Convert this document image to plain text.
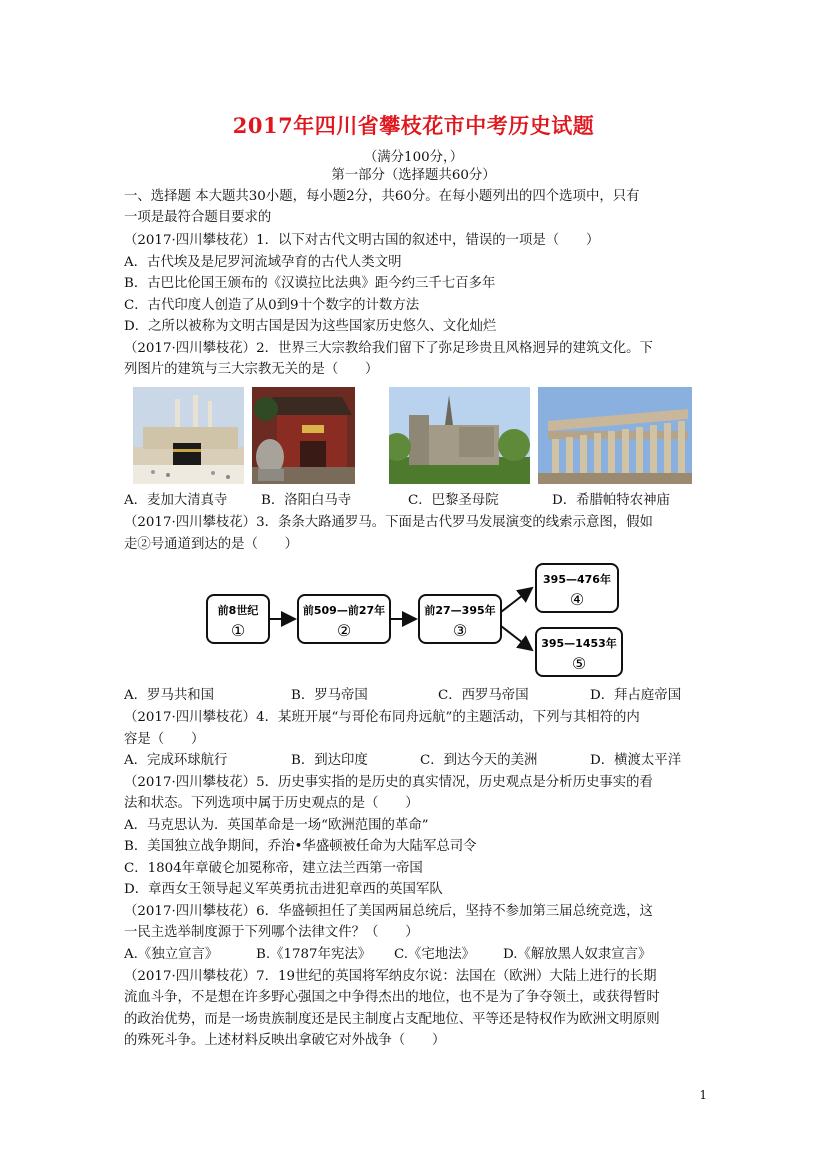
2017年四川省攀枝花市中考历史试题
（满分100分，）
第一部分（选择题共60分）
一、选择题 本大题共30小题，每小题2分，共60分。在每小题列出的四个选项中，只有
一项是最符合题目要求的
（2017·四川攀枝花）1．以下对古代文明古国的叙述中，错误的一项是（　　）
A．古代埃及是尼罗河流域孕育的古代人类文明
B．古巴比伦国王颁布的《汉谟拉比法典》距今约三千七百多年
C．古代印度人创造了从0到9十个数字的计数方法
D．之所以被称为文明古国是因为这些国家历史悠久、文化灿烂
（2017·四川攀枝花）2．世界三大宗教给我们留下了弥足珍贵且风格迥异的建筑文化。下
列图片的建筑与三大宗教无关的是（　　）
A．麦加大清真寺	B．洛阳白马寺	C．巴黎圣母院	D．希腊帕特农神庙
（2017·四川攀枝花）3．条条大路通罗马。下面是古代罗马发展演变的线索示意图，假如
走②号通道到达的是（　　）
前8世纪
①
前509—前27年
②
前27—395年
③
395—476年
④
395—1453年
⑤
A．罗马共和国	B．罗马帝国	C．西罗马帝国	D．拜占庭帝国
（2017·四川攀枝花）4．某班开展“与哥伦布同舟远航”的主题活动，下列与其相符的内
容是（　　）
A．完成环球航行	B．到达印度	C．到达今天的美洲	D．横渡太平洋
（2017·四川攀枝花）5．历史事实指的是历史的真实情况，历史观点是分析历史事实的看
法和状态。下列选项中属于历史观点的是（　　）
A．马克思认为．英国革命是一场“欧洲范围的革命”
B．美国独立战争期间，乔治•华盛顿被任命为大陆军总司令
C．1804年章破仑加冕称帝，建立法兰西第一帝国
D．章西女王领导起义军英勇抗击进犯章西的英国军队
（2017·四川攀枝花）6．华盛顿担任了美国两届总统后，坚持不参加第三届总统竞选，这
一民主选举制度源于下列哪个法律文件？（　　）
A.《独立宣言》	B.《1787年宪法》	C.《宅地法》	D.《解放黑人奴隶宣言》
（2017·四川攀枝花）7．19世纪的英国将军纳皮尔说：法国在（欧洲）大陆上进行的长期
流血斗争，不是想在许多野心强国之中争得杰出的地位，也不是为了争夺领土，或获得暂时
的政治优势，而是一场贵族制度还是民主制度占支配地位、平等还是特权作为欧洲文明原则
的殊死斗争。上述材料反映出拿破它对外战争（　　）
1
